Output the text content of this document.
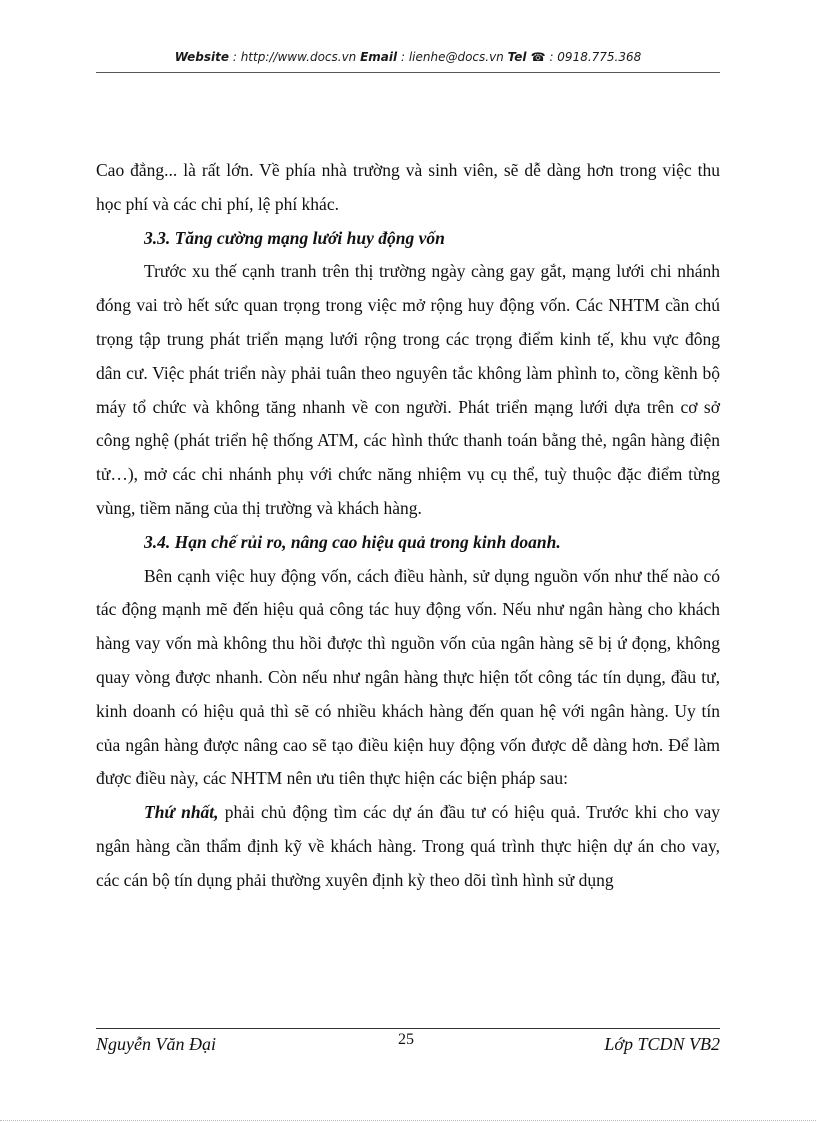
Website : http://www.docs.vn Email : lienhe@docs.vn Tel ☎ : 0918.775.368

Cao đẳng... là rất lớn. Về phía nhà trường và sinh viên, sẽ dễ dàng hơn trong việc thu học phí và các chi phí, lệ phí khác.

3.3. Tăng cường mạng lưới huy động vốn

Trước xu thế cạnh tranh trên thị trường ngày càng gay gắt, mạng lưới chi nhánh đóng vai trò hết sức quan trọng trong việc mở rộng huy động vốn. Các NHTM cần chú trọng tập trung phát triển mạng lưới rộng trong các trọng điểm kinh tế, khu vực đông dân cư. Việc phát triển này phải tuân theo nguyên tắc không làm phình to, cồng kềnh bộ máy tổ chức và không tăng nhanh về con người. Phát triển mạng lưới dựa trên cơ sở công nghệ (phát triển hệ thống ATM, các hình thức thanh toán bằng thẻ, ngân hàng điện tử…), mở các chi nhánh phụ với chức năng nhiệm vụ cụ thể, tuỳ thuộc đặc điểm từng vùng, tiềm năng của thị trường và khách hàng.

3.4. Hạn chế rủi ro, nâng cao hiệu quả trong kinh doanh.

Bên cạnh việc huy động vốn, cách điều hành, sử dụng nguồn vốn như thế nào có tác động mạnh mẽ đến hiệu quả công tác huy động vốn. Nếu như ngân hàng cho khách hàng vay vốn mà không thu hồi được thì nguồn vốn của ngân hàng sẽ bị ứ đọng, không quay vòng được nhanh. Còn nếu như ngân hàng thực hiện tốt công tác tín dụng, đầu tư, kinh doanh có hiệu quả thì sẽ có nhiều khách hàng đến quan hệ với ngân hàng. Uy tín của ngân hàng được nâng cao sẽ tạo điều kiện huy động vốn được dễ dàng hơn. Để làm được điều này, các NHTM nên ưu tiên thực hiện các biện pháp sau:

Thứ nhất, phải chủ động tìm các dự án đầu tư có hiệu quả. Trước khi cho vay ngân hàng cần thẩm định kỹ về khách hàng. Trong quá trình thực hiện dự án cho vay, các cán bộ tín dụng phải thường xuyên định kỳ theo dõi tình hình sử dụng

Nguyễn Văn Đại	25	Lớp TCDN VB2
